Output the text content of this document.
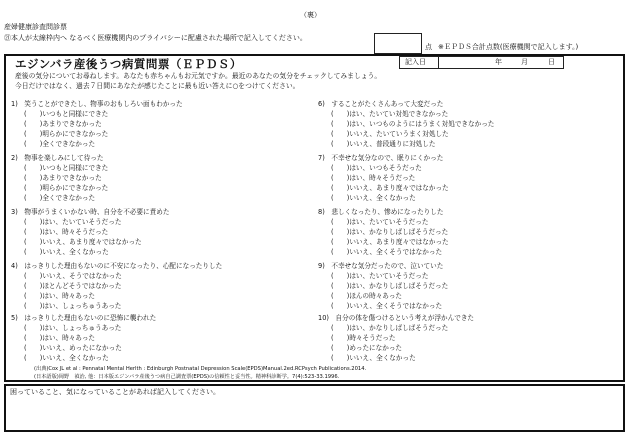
（裏）
産婦健康診査問診票
㉑本人が太線枠内へ なるべく医療機関内のプライバシーに配慮された場所で記入してください。
点 ※ＥＰＤＳ合計点数(医療機関で記入します。)
記入日	年	月	日
エジンバラ産後うつ病質問票（ＥＰＤＳ）
産後の気分についてお尋ねします。あなたも赤ちゃんもお元気ですか。最近のあなたの気分をチェックしてみましょう。
今日だけではなく、過去７日間にあなたが感じたことに最も近い答えに○をつけてください。
1)　笑うことができたし、物事のおもしろい面もわかった
(　　)いつもと同様にできた
(　　)あまりできなかった
(　　)明らかにできなかった
(　　)全くできなかった
2)　物事を楽しみにして待った
(　　)いつもと同様にできた
(　　)あまりできなかった
(　　)明らかにできなかった
(　　)全くできなかった
3)　物事がうまくいかない時、自分を不必要に責めた
(　　)はい、たいていそうだった
(　　)はい、時々そうだった
(　　)いいえ、あまり度々ではなかった
(　　)いいえ、全くなかった
4)　はっきりした理由もないのに不安になったり、心配になったりした
(　　)いいえ、そうではなかった
(　　)ほとんどそうではなかった
(　　)はい、時々あった
(　　)はい、しょっちゅうあった
5)　はっきりした理由もないのに恐怖に襲われた
(　　)はい、しょっちゅうあった
(　　)はい、時々あった
(　　)いいえ、めったになかった
(　　)いいえ、全くなかった
6)　することがたくさんあって大変だった
(　　)はい、たいてい対処できなかった
(　　)はい、いつものようにはうまく対処できなかった
(　　)いいえ、たいていうまく対処した
(　　)いいえ、普段通りに対処した
7)　不幸せな気分なので、眠りにくかった
(　　)はい、いつもそうだった
(　　)はい、時々そうだった
(　　)いいえ、あまり度々ではなかった
(　　)いいえ、全くなかった
8)　悲しくなったり、惨めになったりした
(　　)はい、たいていそうだった
(　　)はい、かなりしばしばそうだった
(　　)いいえ、あまり度々ではなかった
(　　)いいえ、全くそうではなかった
9)　不幸せな気分だったので、泣いていた
(　　)はい、たいていそうだった
(　　)はい、かなりしばしばそうだった
(　　)ほんの時々あった
(　　)いいえ、全くそうではなかった
10)　自分の体を傷つけるという考えが浮かんできた
(　　)はい、かなりしばしばそうだった
(　　)時々そうだった
(　　)めったになかった
(　　)いいえ、全くなかった
(出典)Cox JL et al : Pennatal Mental Herlth : Edinburgh Postnatal Depression Scale(EPDS)Manual.2ed.RCPsych Publications.2014.
(日本語版)岡野　禎治, 他：日本版エジンバラ産後うつ病自己調査票(EPDS)の信頼性と妥当性。精神科診断学。7(4):523-33.1996.
困っていること、気になっていることがあれば記入してください。
